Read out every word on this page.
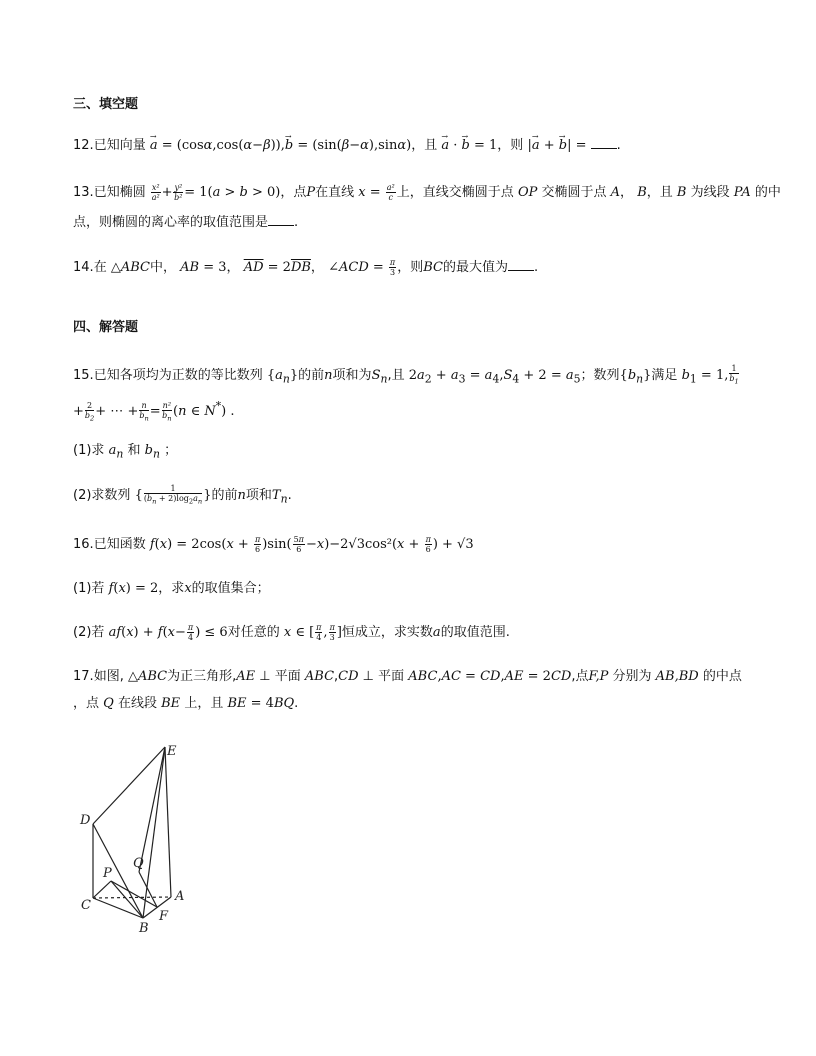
三、填空题
12.已知向量 → a = (cosα,cos(α−β)),→ b = (sin(β−α),sinα)，且 → a · → b = 1，则 |→ a + → b| = .
13.已知椭圆 $\frac{\text{x²}}{\text{a²}} + \frac{\text{y²}}{\text{b²}} = 1(a > b > 0)$，点P在直线 $x = \frac{\text{a²}}{c}$ 上，直线交椭圆于点 OP 交椭圆于点 A， B，且 B 为线段 PA 的中
点，则椭圆的离心率的取值范围是 .
14.在 △ABC中， AB = 3， $\overline{AD} = 2\overline{DB}$， ∠ACD = $\frac{\pi}{3}$ ，则BC的最大值为 .
四、解答题
15.已知各项均为正数的等比数列 $\{a_n\}$的前n项和为$S_n$,且 $2a_2 + a_3 = a_4,S_4 + 2 = a_5$；数列$\{b_n\}$满足 $b_1 = 1$, $\frac{1}{b_1}$
+ $\frac{2}{b_2}$ + ⋯ + $\frac{n}{b_n} = \frac{\text{n²}}{b_n} (n$ ∈ N*) .
(1)求 $a_n$ 和 $b_n$ ；
(2)求数列 { $\frac{1}{(b_n + 2)\log_2a_n}$ }的前n项和$T_n$.
16.已知函数 $f(x) = 2\cos(x + \frac{\pi}{6} )\sin( \frac{5\pi}{6} -x)-2√3\cos^2(x + \frac{\pi}{6}$ ) + √3
(1)若 f(x) = 2，求x的取值集合；
(2)若 $af(x) + f(x- \frac{\pi}{4}$ ) ≤ 6对任意的 x ∈ [ $\frac{\pi}{4}$ , $\frac{\pi}{3}$ ]恒成立，求实数a的取值范围.
17.如图, △ABC为正三角形,AE ⊥ 平面 ABC,CD ⊥ 平面 ABC,AC = CD,AE = 2CD,点F,P 分别为 AB,BD 的中点
，点 Q 在线段 BE 上，且 BE = 4BQ.
E
D
Q
P
A
C
F
B
